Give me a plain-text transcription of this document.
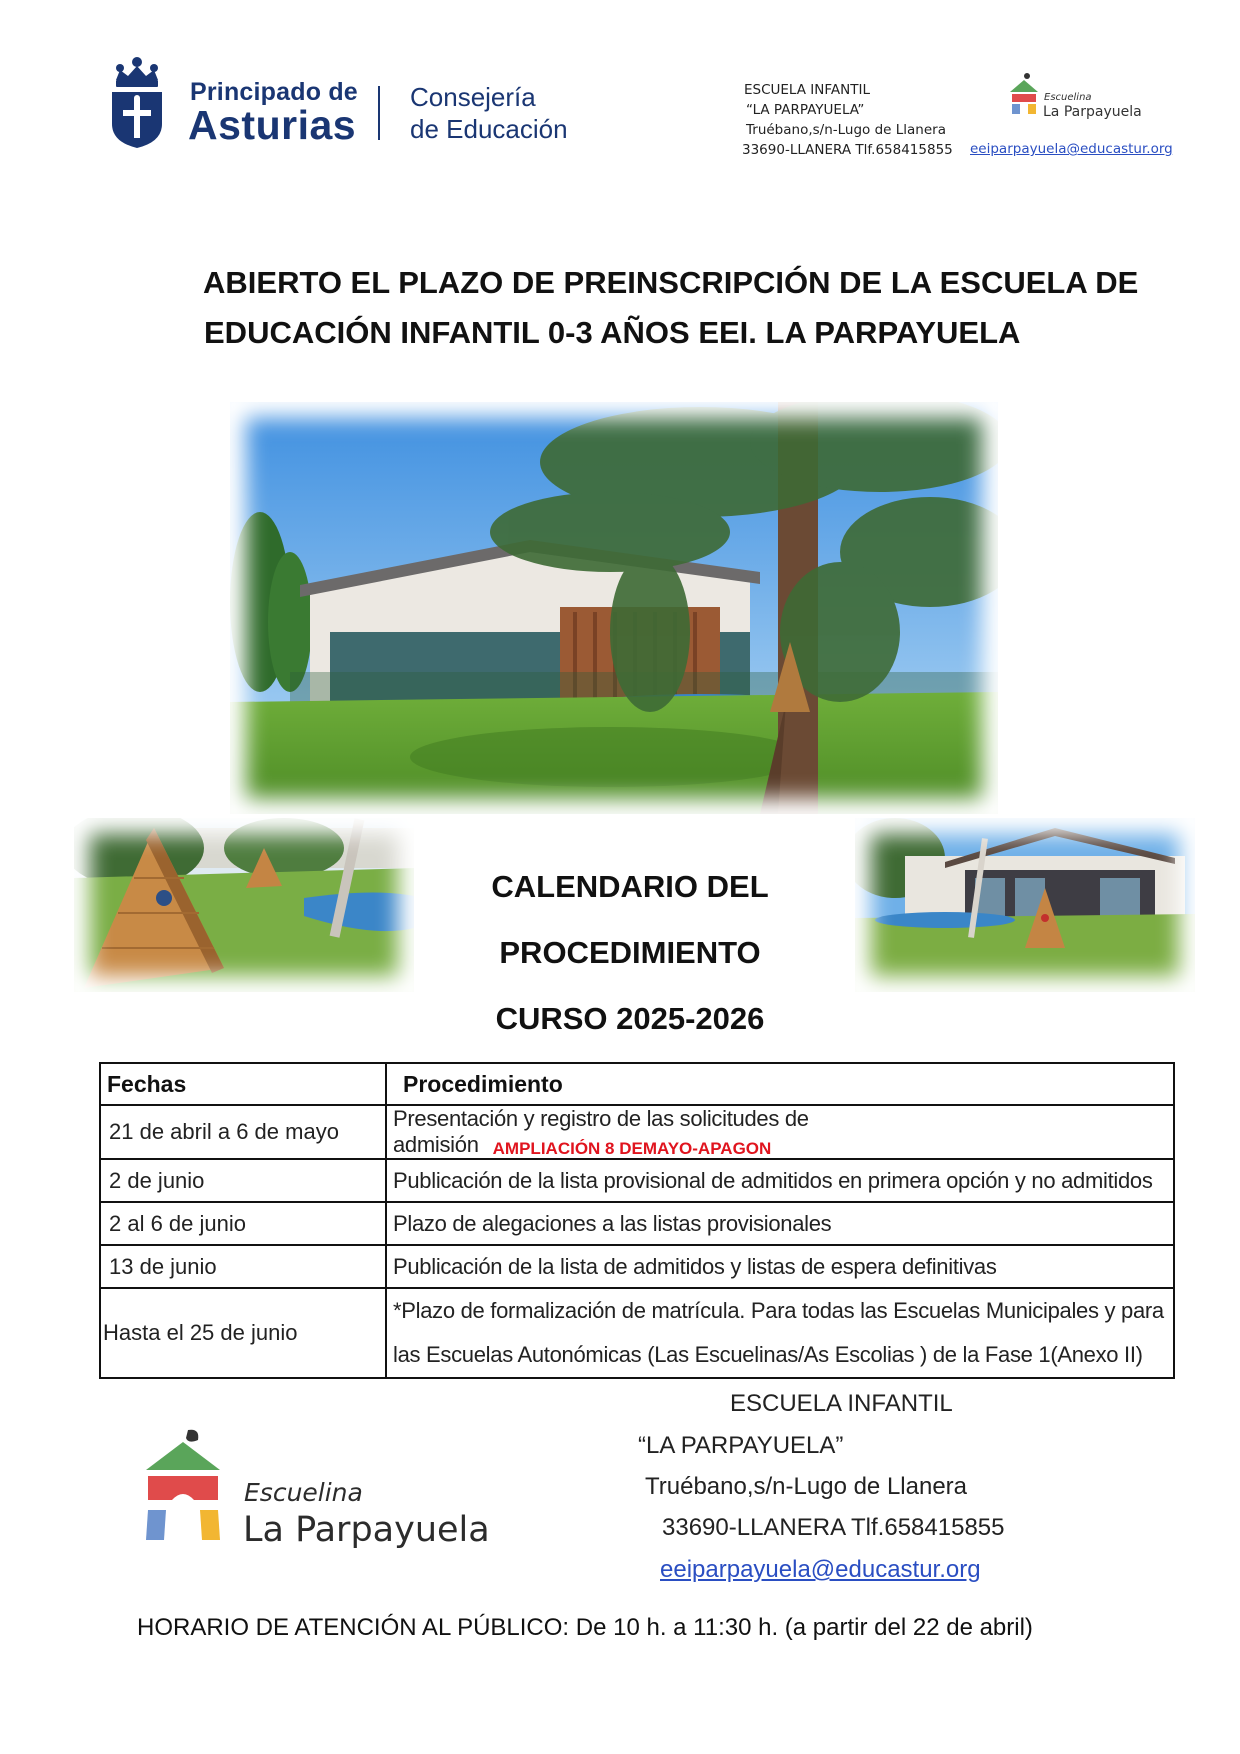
Principado de
Asturias
Consejería
de Educación
ESCUELA INFANTIL
“LA PARPAYUELA”
Truébano,s/n-Lugo de Llanera
33690-LLANERA Tlf.658415855 eeiparpayuela@educastur.org
Escuelina
La Parpayuela
ABIERTO EL PLAZO DE PREINSCRIPCIÓN DE LA ESCUELA DE
EDUCACIÓN INFANTIL 0-3 AÑOS EEI. LA PARPAYUELA
CALENDARIO DEL
PROCEDIMIENTO
CURSO 2025-2026
Fechas	Procedimiento
21 de abril a 6 de mayo	Presentación y registro de las solicitudes de admisión AMPLIACIÓN 8 DEMAYO-APAGON
2 de junio	Publicación de la lista provisional de admitidos en primera opción y no admitidos
2 al 6 de junio	Plazo de alegaciones a las listas provisionales
13 de junio	Publicación de la lista de admitidos y listas de espera definitivas
Hasta el 25 de junio	*Plazo de formalización de matrícula. Para todas las Escuelas Municipales y para
las Escuelas Autonómicas (Las Escuelinas/As Escolias ) de la Fase 1(Anexo II)
Escuelina
La Parpayuela
ESCUELA INFANTIL
“LA PARPAYUELA”
Truébano,s/n-Lugo de Llanera
33690-LLANERA Tlf.658415855
eeiparpayuela@educastur.org
HORARIO DE ATENCIÓN AL PÚBLICO: De 10 h. a 11:30 h. (a partir del 22 de abril)
